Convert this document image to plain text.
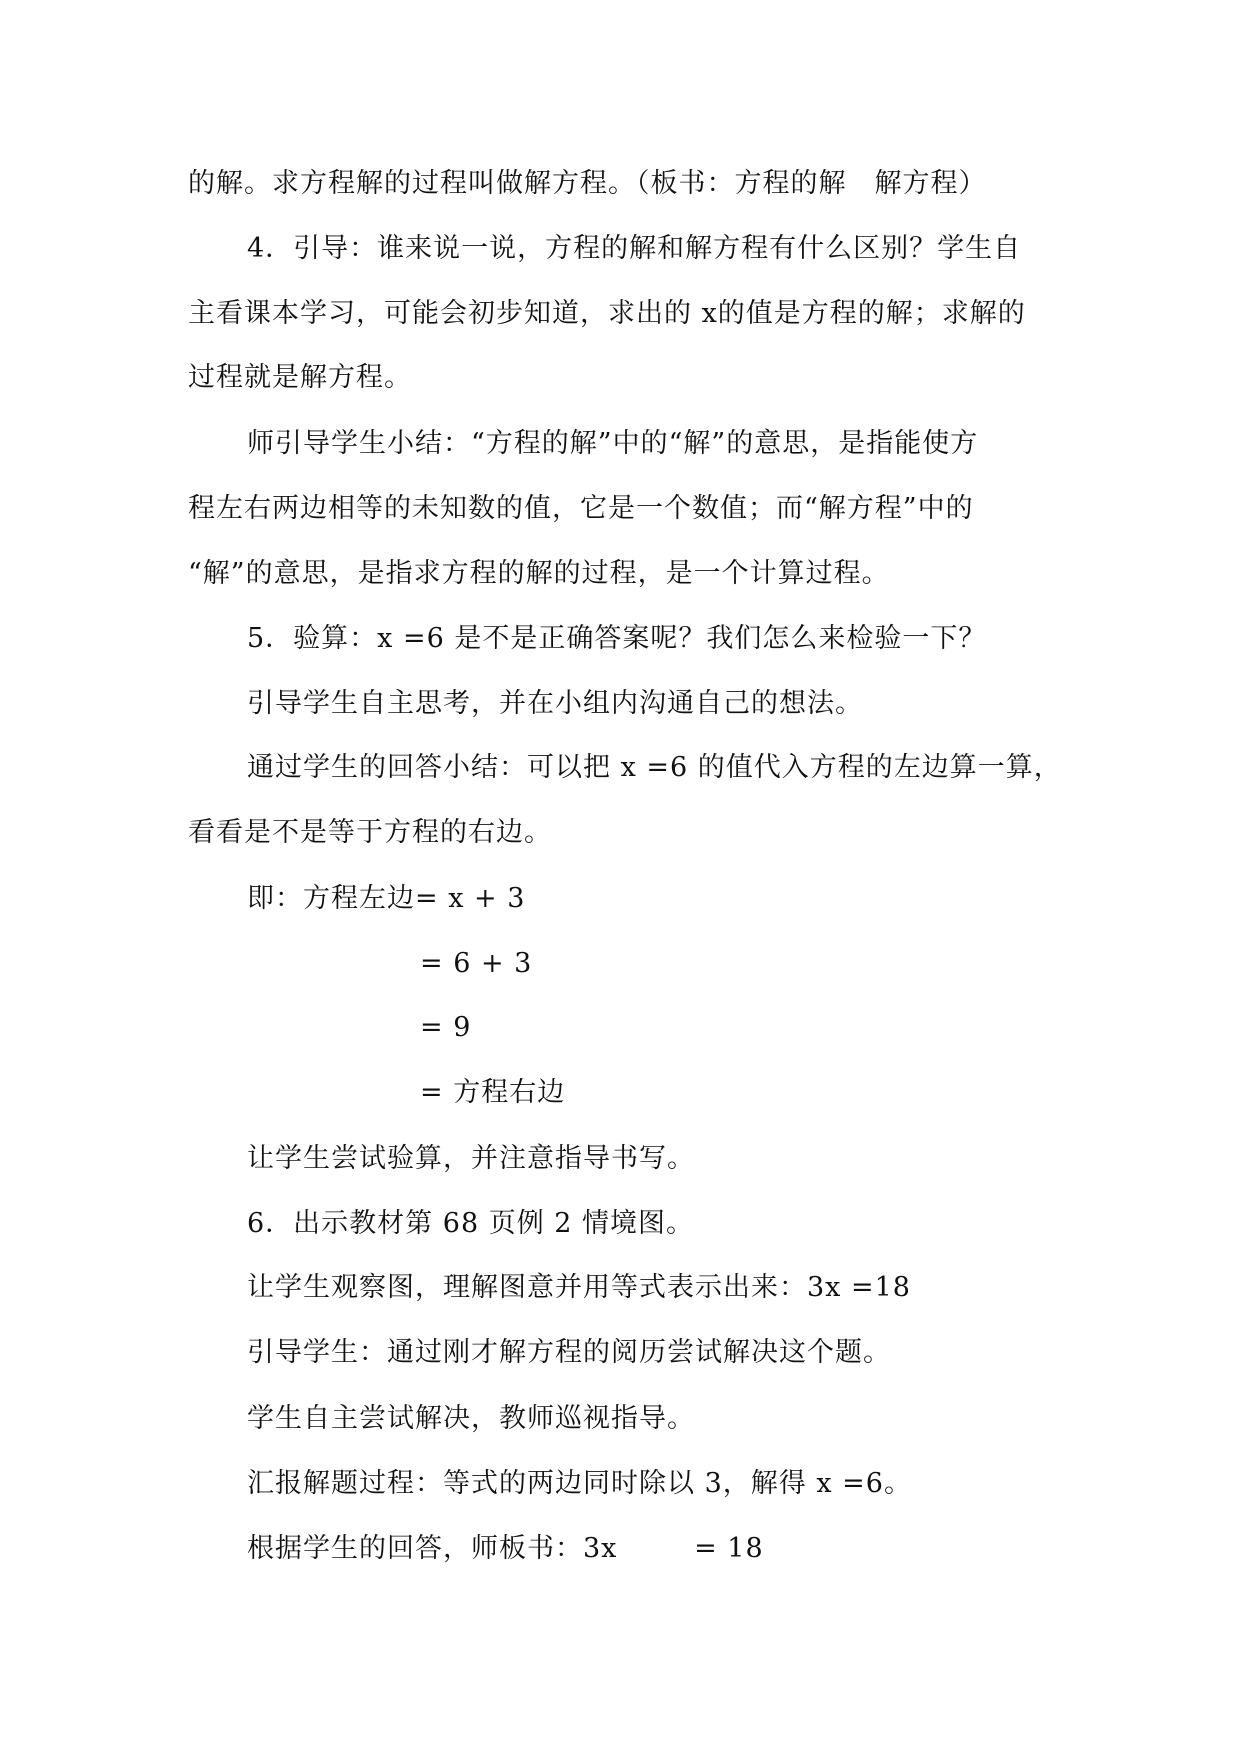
的解。求方程解的过程叫做解方程。（板书：方程的解　解方程）
4．引导：谁来说一说，方程的解和解方程有什么区别？学生自
主看课本学习，可能会初步知道，求出的 x的值是方程的解；求解的
过程就是解方程。
师引导学生小结：“方程的解”中的“解”的意思，是指能使方
程左右两边相等的未知数的值，它是一个数值；而“解方程”中的
“解”的意思，是指求方程的解的过程，是一个计算过程。
5．验算：x =6 是不是正确答案呢？我们怎么来检验一下？
引导学生自主思考，并在小组内沟通自己的想法。
通过学生的回答小结：可以把 x =6 的值代入方程的左边算一算，
看看是不是等于方程的右边。
即：方程左边= x + 3
= 6 + 3
= 9
= 方程右边
让学生尝试验算，并注意指导书写。
6．出示教材第 68 页例 2 情境图。
让学生观察图，理解图意并用等式表示出来：3x =18
引导学生：通过刚才解方程的阅历尝试解决这个题。
学生自主尝试解决，教师巡视指导。
汇报解题过程：等式的两边同时除以 3，解得 x =6。
根据学生的回答，师板书：3x        = 18
